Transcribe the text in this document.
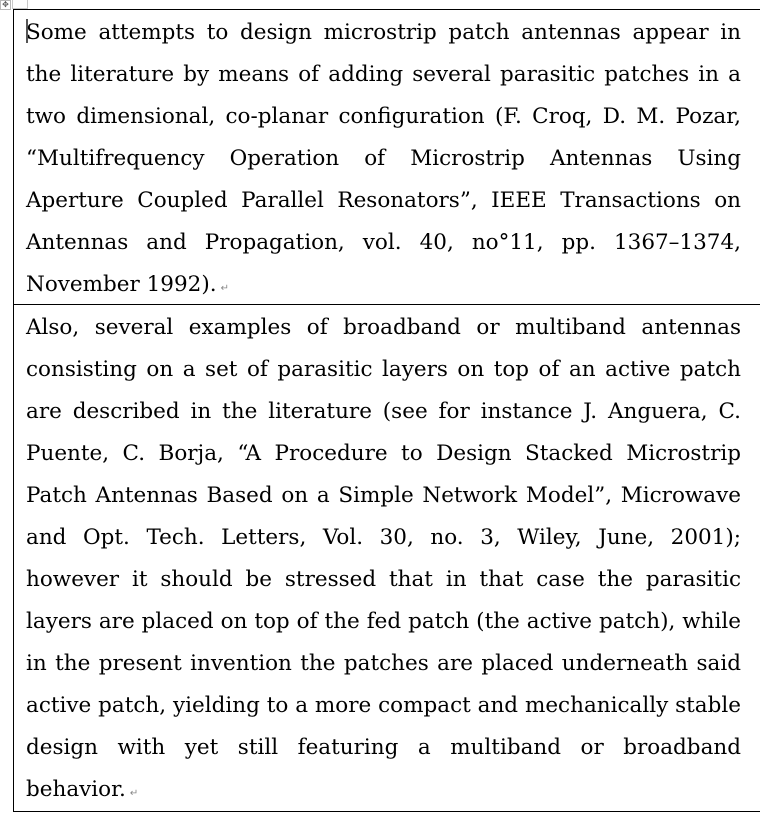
✥

Some attempts to design microstrip patch antennas appear in the literature by means of adding several parasitic patches in a two dimensional, co-planar configuration (F. Croq, D. M. Pozar, “Multifrequency Operation of Microstrip Antennas Using Aperture Coupled Parallel Resonators”, IEEE Transactions on Antennas and Propagation, vol. 40, no°11, pp. 1367–1374, November 1992). ↵

Also, several examples of broadband or multiband antennas consisting on a set of parasitic layers on top of an active patch are described in the literature (see for instance J. Anguera, C. Puente, C. Borja, “A Procedure to Design Stacked Microstrip Patch Antennas Based on a Simple Network Model”, Microwave and Opt. Tech. Letters, Vol. 30, no. 3, Wiley, June, 2001); however it should be stressed that in that case the parasitic layers are placed on top of the fed patch (the active patch), while in the present invention the patches are placed underneath said active patch, yielding to a more compact and mechanically stable design with yet still featuring a multiband or broadband behavior. ↵
